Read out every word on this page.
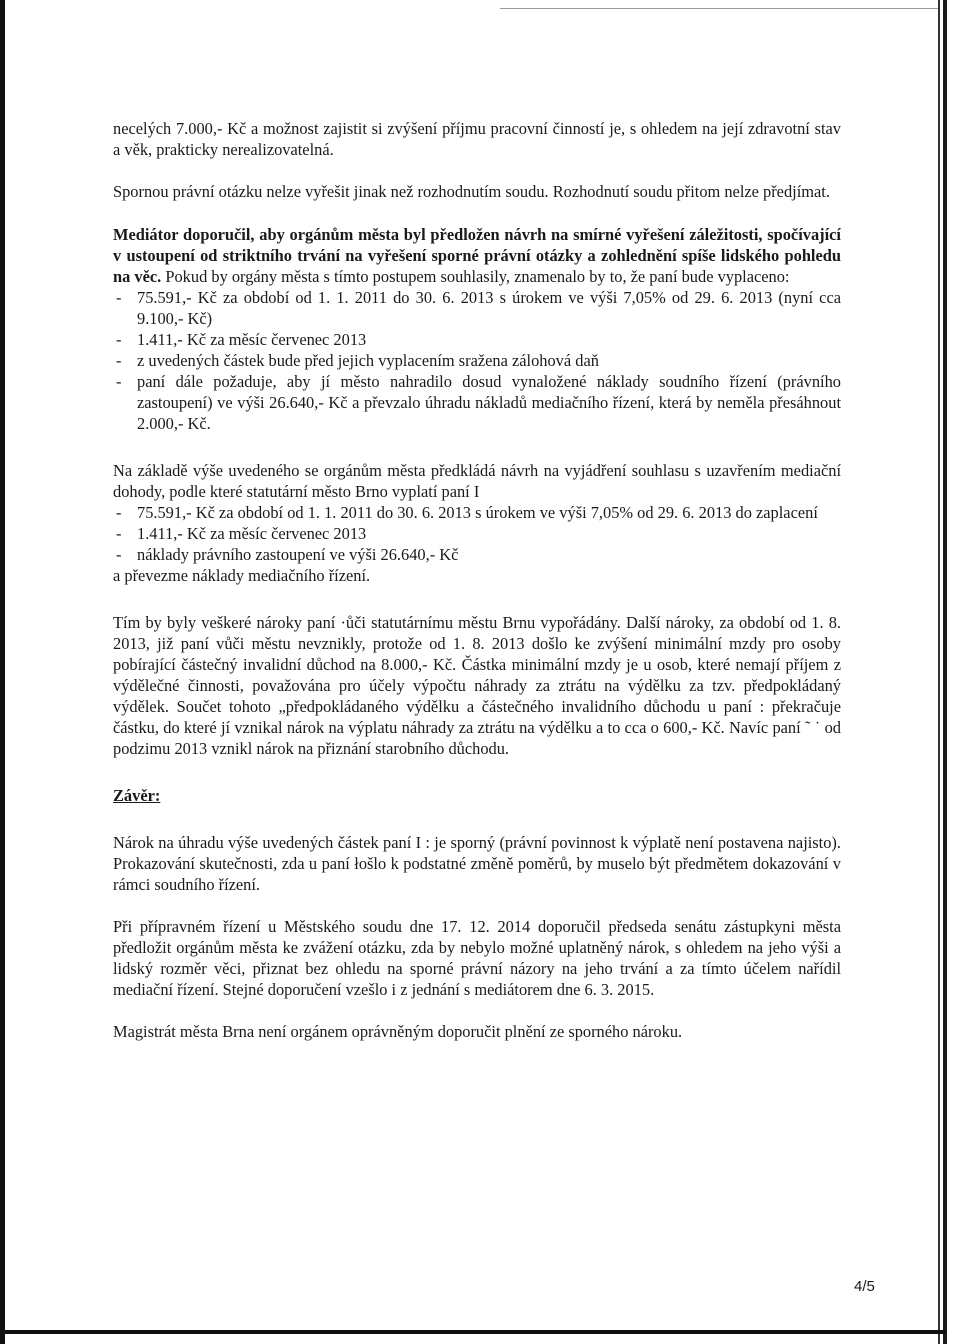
necelých 7.000,- Kč a možnost zajistit si zvýšení příjmu pracovní činností je, s ohledem na její zdravotní stav a věk, prakticky nerealizovatelná.

Spornou právní otázku nelze vyřešit jinak než rozhodnutím soudu. Rozhodnutí soudu přitom nelze předjímat.

Mediátor doporučil, aby orgánům města byl předložen návrh na smírné vyřešení záležitosti, spočívající v ustoupení od striktního trvání na vyřešení sporné právní otázky a zohlednění spíše lidského pohledu na věc. Pokud by orgány města s tímto postupem souhlasily, znamenalo by to, že paní bude vyplaceno:

- 75.591,- Kč za období od 1. 1. 2011 do 30. 6. 2013 s úrokem ve výši 7,05% od 29. 6. 2013 (nyní cca 9.100,- Kč)
- 1.411,- Kč za měsíc červenec 2013
- z uvedených částek bude před jejich vyplacením sražena zálohová daň
- paní dále požaduje, aby jí město nahradilo dosud vynaložené náklady soudního řízení (právního zastoupení) ve výši 26.640,- Kč a převzalo úhradu nákladů mediačního řízení, která by neměla přesáhnout 2.000,- Kč.

Na základě výše uvedeného se orgánům města předkládá návrh na vyjádření souhlasu s uzavřením mediační dohody, podle které statutární město Brno vyplatí paní I

- 75.591,- Kč za období od 1. 1. 2011 do 30. 6. 2013 s úrokem ve výši 7,05% od 29. 6. 2013 do zaplacení
- 1.411,- Kč za měsíc červenec 2013
- náklady právního zastoupení ve výši 26.640,- Kč

a převezme náklady mediačního řízení.

Tím by byly veškeré nároky paní ·ůči statutárnímu městu Brnu vypořádány. Další nároky, za období od 1. 8. 2013, již paní vůči městu nevznikly, protože od 1. 8. 2013 došlo ke zvýšení minimální mzdy pro osoby pobírající částečný invalidní důchod na 8.000,- Kč. Částka minimální mzdy je u osob, které nemají příjem z výdělečné činnosti, považována pro účely výpočtu náhrady za ztrátu na výdělku za tzv. předpokládaný výdělek. Součet tohoto „předpokládaného výdělku a částečného invalidního důchodu u paní : překračuje částku, do které jí vznikal nárok na výplatu náhrady za ztrátu na výdělku a to cca o 600,- Kč. Navíc paní ˜ ˙ od podzimu 2013 vznikl nárok na přiznání starobního důchodu.

Závěr:

Nárok na úhradu výše uvedených částek paní I : je sporný (právní povinnost k výplatě není postavena najisto). Prokazování skutečnosti, zda u paní łošlo k podstatné změně poměrů, by muselo být předmětem dokazování v rámci soudního řízení.

Při přípravném řízení u Městského soudu dne 17. 12. 2014 doporučil předseda senátu zástupkyni města předložit orgánům města ke zvážení otázku, zda by nebylo možné uplatněný nárok, s ohledem na jeho výši a lidský rozměr věci, přiznat bez ohledu na sporné právní názory na jeho trvání a za tímto účelem nařídil mediační řízení. Stejné doporučení vzešlo i z jednání s mediátorem dne 6. 3. 2015.

Magistrát města Brna není orgánem oprávněným doporučit plnění ze sporného nároku.

4/5
